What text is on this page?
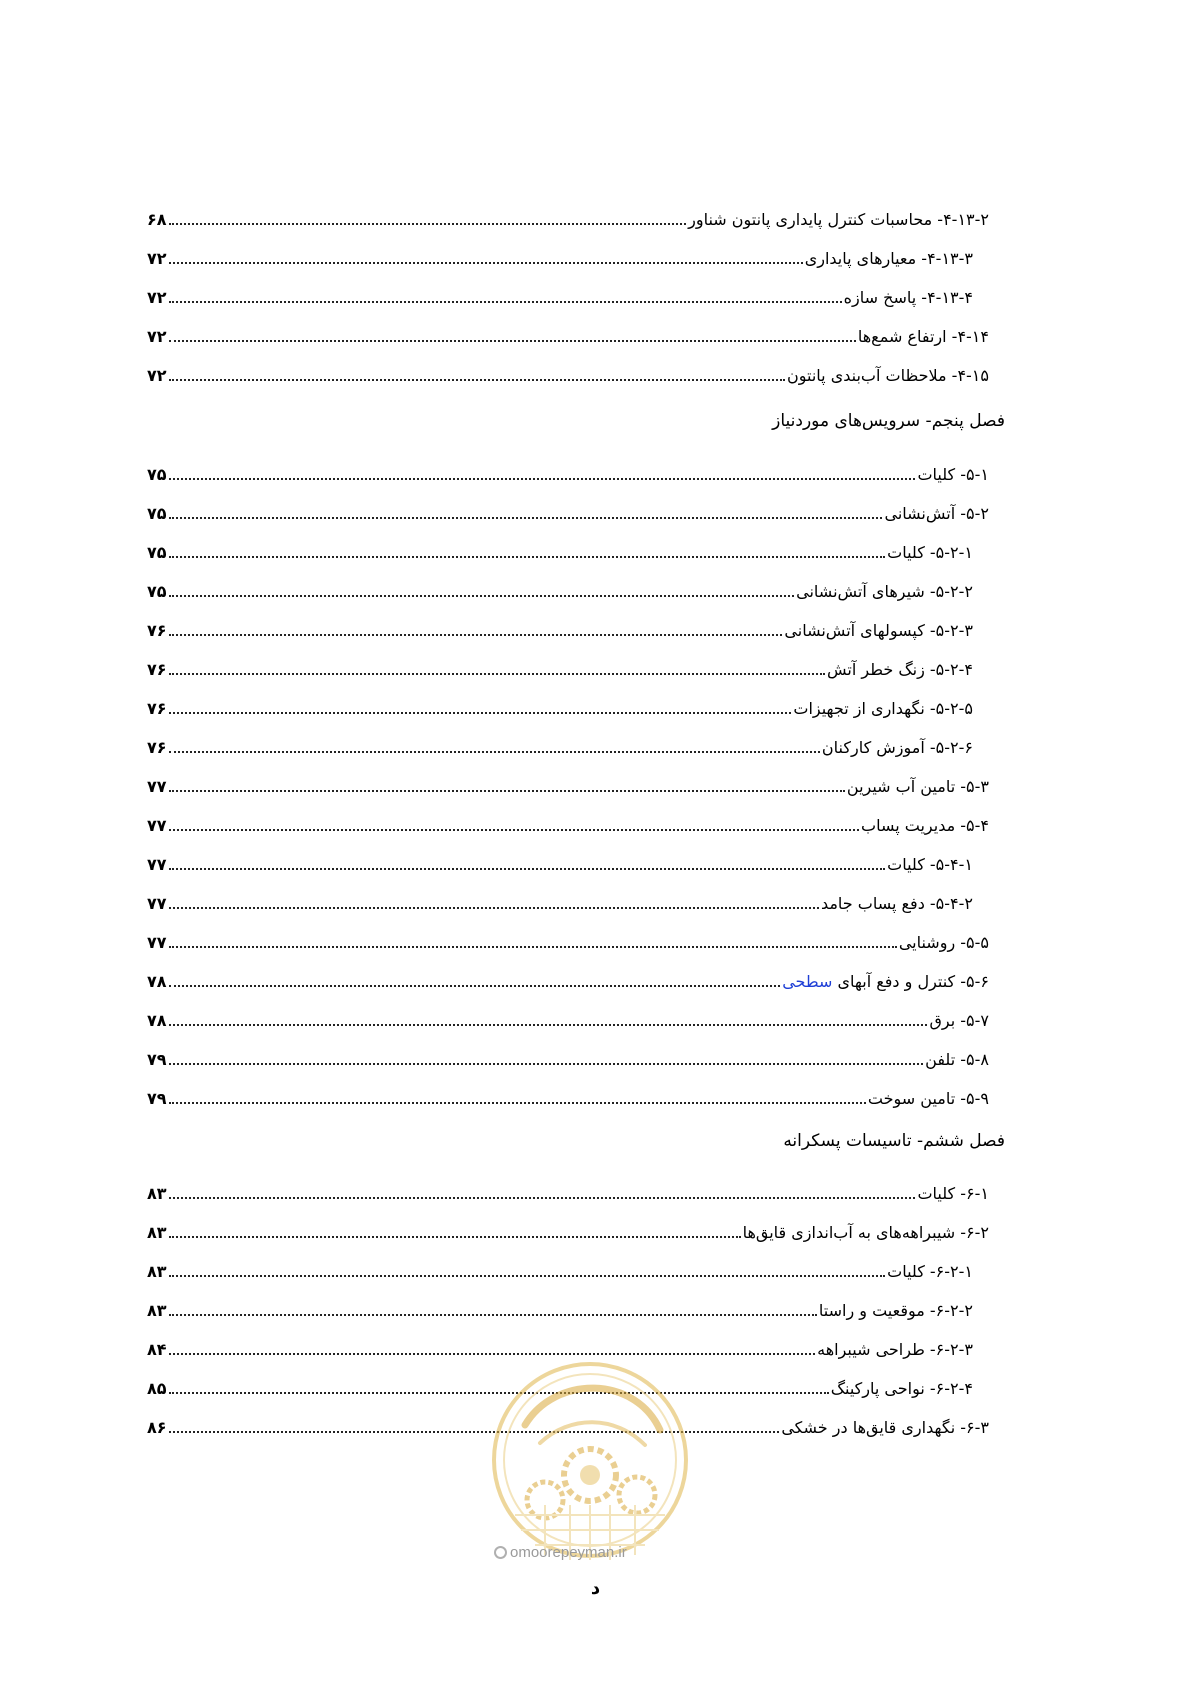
۴-۱۳-۲- محاسبات کنترل پایداری پانتون شناور
۶۸
۴-۱۳-۳- معیارهای پایداری
۷۲
۴-۱۳-۴- پاسخ سازه
۷۲
۴-۱۴- ارتفاع شمع‌ها
۷۲
۴-۱۵- ملاحظات آب‌بندی پانتون
۷۲
فصل پنجم- سرویس‌های موردنیاز
۵-۱- کلیات
۷۵
۵-۲- آتش‌نشانی
۷۵
۵-۲-۱- کلیات
۷۵
۵-۲-۲- شیرهای آتش‌نشانی
۷۵
۵-۲-۳- کپسولهای آتش‌نشانی
۷۶
۵-۲-۴- زنگ خطر آتش
۷۶
۵-۲-۵- نگهداری از تجهیزات
۷۶
۵-۲-۶- آموزش کارکنان
۷۶
۵-۳- تامین آب شیرین
۷۷
۵-۴- مدیریت پساب
۷۷
۵-۴-۱- کلیات
۷۷
۵-۴-۲- دفع پساب جامد
۷۷
۵-۵- روشنایی
۷۷
۵-۶- کنترل و دفع آبهای سطحی
۷۸
۵-۷- برق
۷۸
۵-۸- تلفن
۷۹
۵-۹- تامین سوخت
۷۹
فصل ششم- تاسیسات پسکرانه
۶-۱- کلیات
۸۳
۶-۲- شیبراهه‌های به آب‌اندازی قایق‌ها
۸۳
۶-۲-۱- کلیات
۸۳
۶-۲-۲- موقعیت و راستا
۸۳
۶-۲-۳- طراحی شیبراهه
۸۴
۶-۲-۴- نواحی پارکینگ
۸۵
۶-۳- نگهداری قایق‌ها در خشکی
۸۶
omoorepeyman.ir
د
